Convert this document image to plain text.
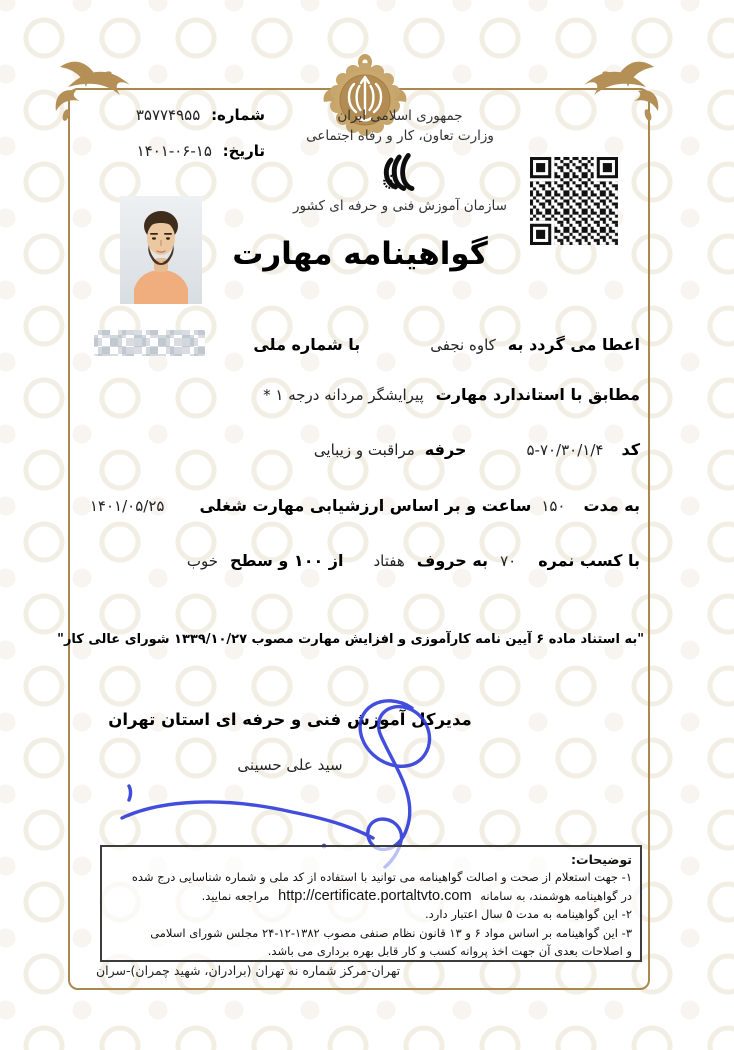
شماره: ۳۵۷۷۴۹۵۵
تاریخ: ۱۴۰۱-۰۶-۱۵
جمهوری اسلامی ایران
وزارت تعاون، کار و رفاه اجتماعی
سازمان آموزش فنی و حرفه ای کشور
گواهینامه مهارت
اعطا می گردد به
کاوه نجفی
با شماره ملی
مطابق با استاندارد مهارت
پیرایشگر مردانه درجه ۱ *
کد
۵-۷۰/۳۰/۱/۴
حرفه
مراقبت و زیبایی
به مدت
۱۵۰
ساعت و بر اساس ارزشیابی مهارت شغلی
۱۴۰۱/۰۵/۲۵
با کسب نمره
۷۰
به حروف
هفتاد
از ۱۰۰ و سطح
خوب
"به استناد ماده ۶ آیین نامه کارآموزی و افزایش مهارت مصوب ۱۳۳۹/۱۰/۲۷ شورای عالی کار"
مدیرکل آموزش فنی و حرفه ای استان تهران
سید علی حسینی
توضیحات:
۱- جهت استعلام از صحت و اصالت گواهینامه می توانید با استفاده از کد ملی و شماره شناسایی درج شده
در گواهینامه هوشمند، به سامانه http://certificate.portaltvto.com مراجعه نمایید.
۲- این گواهینامه به مدت ۵ سال اعتبار دارد.
۳- این گواهینامه بر اساس مواد ۶ و ۱۳ قانون نظام صنفی مصوب ⁦۲۴-۱۲-۱۳۸۲⁩ مجلس شورای اسلامی
و اصلاحات بعدی آن جهت اخذ پروانه کسب و کار قابل بهره برداری می باشد.
تهران-مرکز شماره نه تهران (برادران، شهید چمران)-سران
